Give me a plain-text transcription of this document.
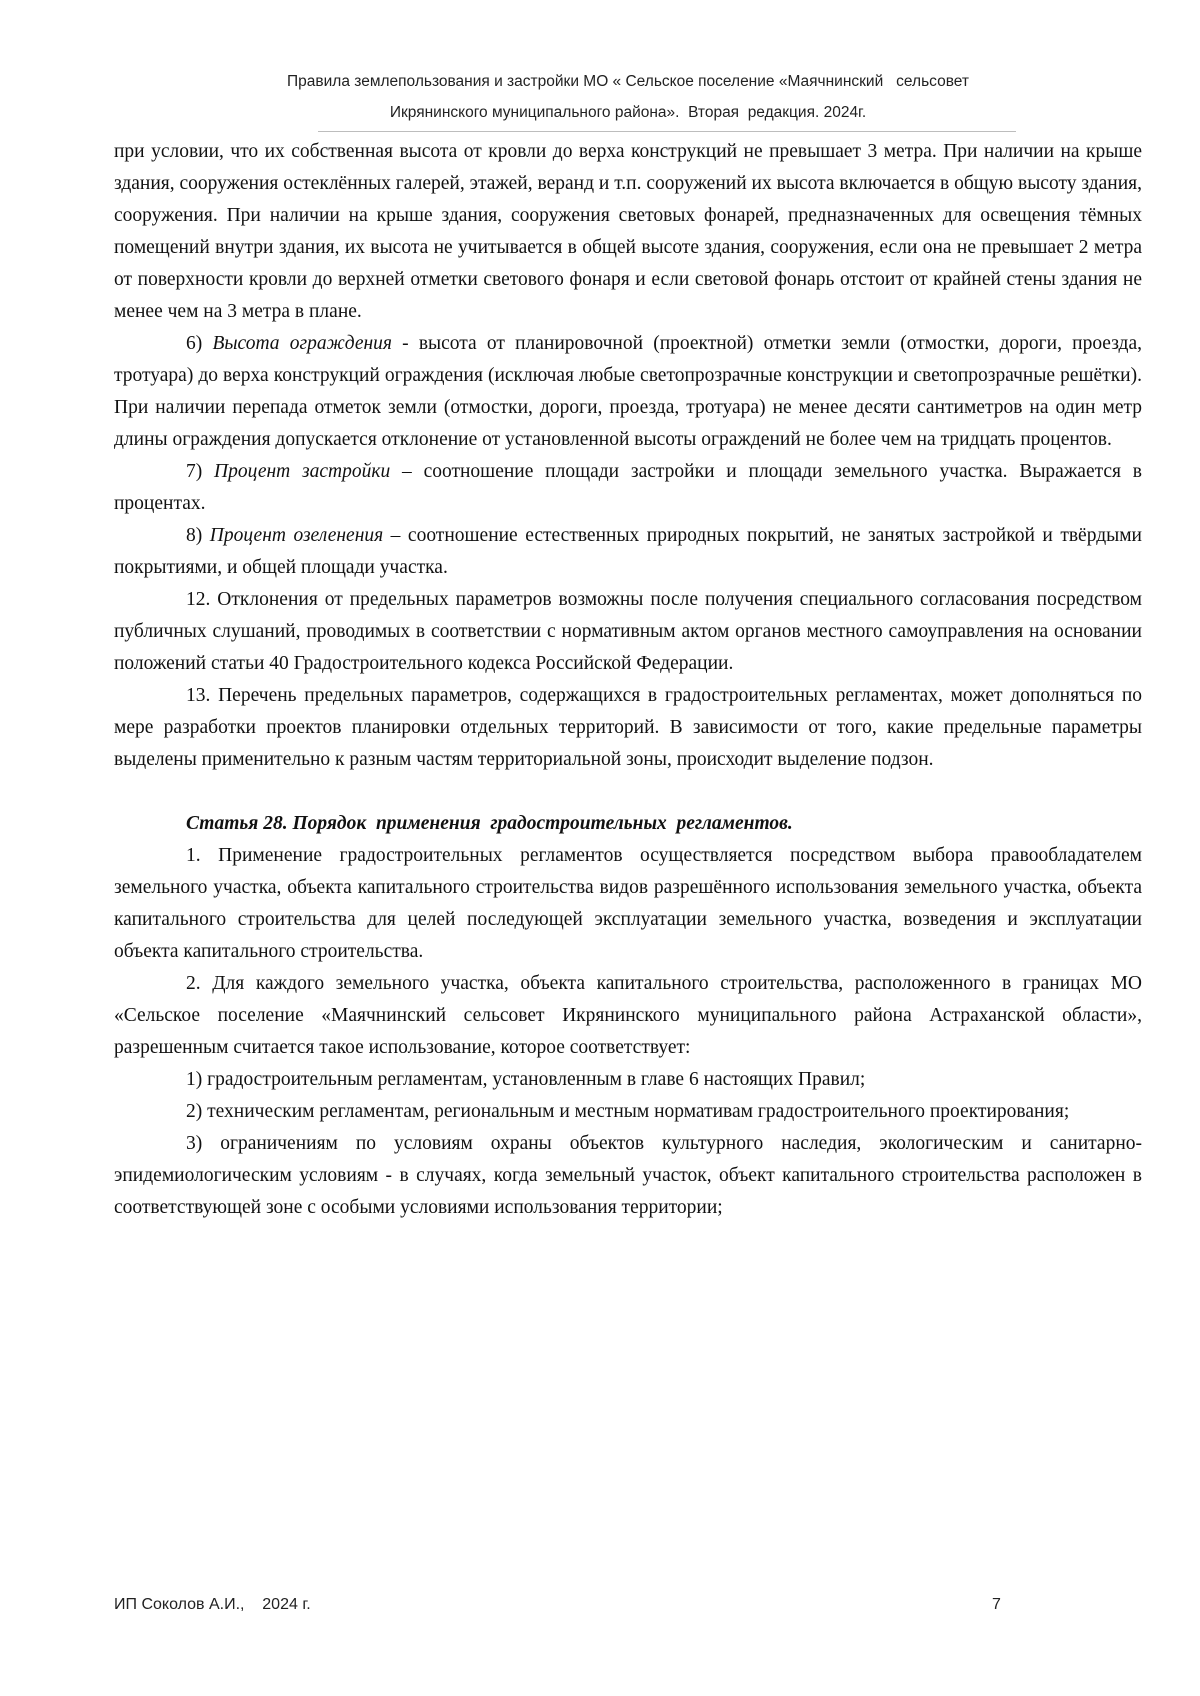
Правила землепользования и застройки МО « Сельское поселение «Маячнинский   сельсовет
Икрянинского муниципального района».  Вторая  редакция. 2024г.

при условии, что их собственная высота от кровли до верха конструкций не превышает 3 метра. При наличии на крыше здания, сооружения остеклённых галерей, этажей, веранд и т.п. сооружений их высота включается в общую высоту здания, сооружения. При наличии на крыше здания, сооружения световых фонарей, предназначенных для освещения тёмных помещений внутри здания, их высота не учитывается в общей высоте здания, сооружения, если она не превышает 2 метра от поверхности кровли до верхней отметки светового фонаря и если световой фонарь отстоит от крайней стены здания не менее чем на 3 метра в плане.

6) Высота ограждения - высота от планировочной (проектной) отметки земли (отмостки, дороги, проезда, тротуара) до верха конструкций ограждения (исключая любые светопрозрачные конструкции и светопрозрачные решётки). При наличии перепада отметок земли (отмостки, дороги, проезда, тротуара) не менее десяти сантиметров на один метр длины ограждения допускается отклонение от установленной высоты ограждений не более чем на тридцать процентов.

7) Процент застройки – соотношение площади застройки и площади земельного участка. Выражается в процентах.

8) Процент озеленения – соотношение естественных природных покрытий, не занятых застройкой и твёрдыми покрытиями, и общей площади участка.

12. Отклонения от предельных параметров возможны после получения специального согласования посредством публичных слушаний, проводимых в соответствии с нормативным актом органов местного самоуправления на основании положений статьи 40 Градостроительного кодекса Российской Федерации.

13. Перечень предельных параметров, содержащихся в градостроительных регламентах, может дополняться по мере разработки проектов планировки отдельных территорий. В зависимости от того, какие предельные параметры выделены применительно к разным частям территориальной зоны, происходит выделение подзон.

Статья 28. Порядок  применения  градостроительных  регламентов.

1. Применение градостроительных регламентов осуществляется посредством выбора правообладателем земельного участка, объекта капитального строительства видов разрешённого использования земельного участка, объекта капитального строительства для целей последующей эксплуатации земельного участка, возведения и эксплуатации объекта капитального строительства.

2. Для каждого земельного участка, объекта капитального строительства, расположенного в границах МО «Сельское поселение «Маячнинский сельсовет Икрянинского муниципального района Астраханской области», разрешенным считается такое использование, которое соответствует:

1) градостроительным регламентам, установленным в главе 6 настоящих Правил;

2) техническим регламентам, региональным и местным нормативам градостроительного проектирования;

3) ограничениям по условиям охраны объектов культурного наследия, экологическим и санитарно-эпидемиологическим условиям - в случаях, когда земельный участок, объект капитального строительства расположен в соответствующей зоне с особыми условиями использования территории;

ИП Соколов А.И.,    2024 г.	7
